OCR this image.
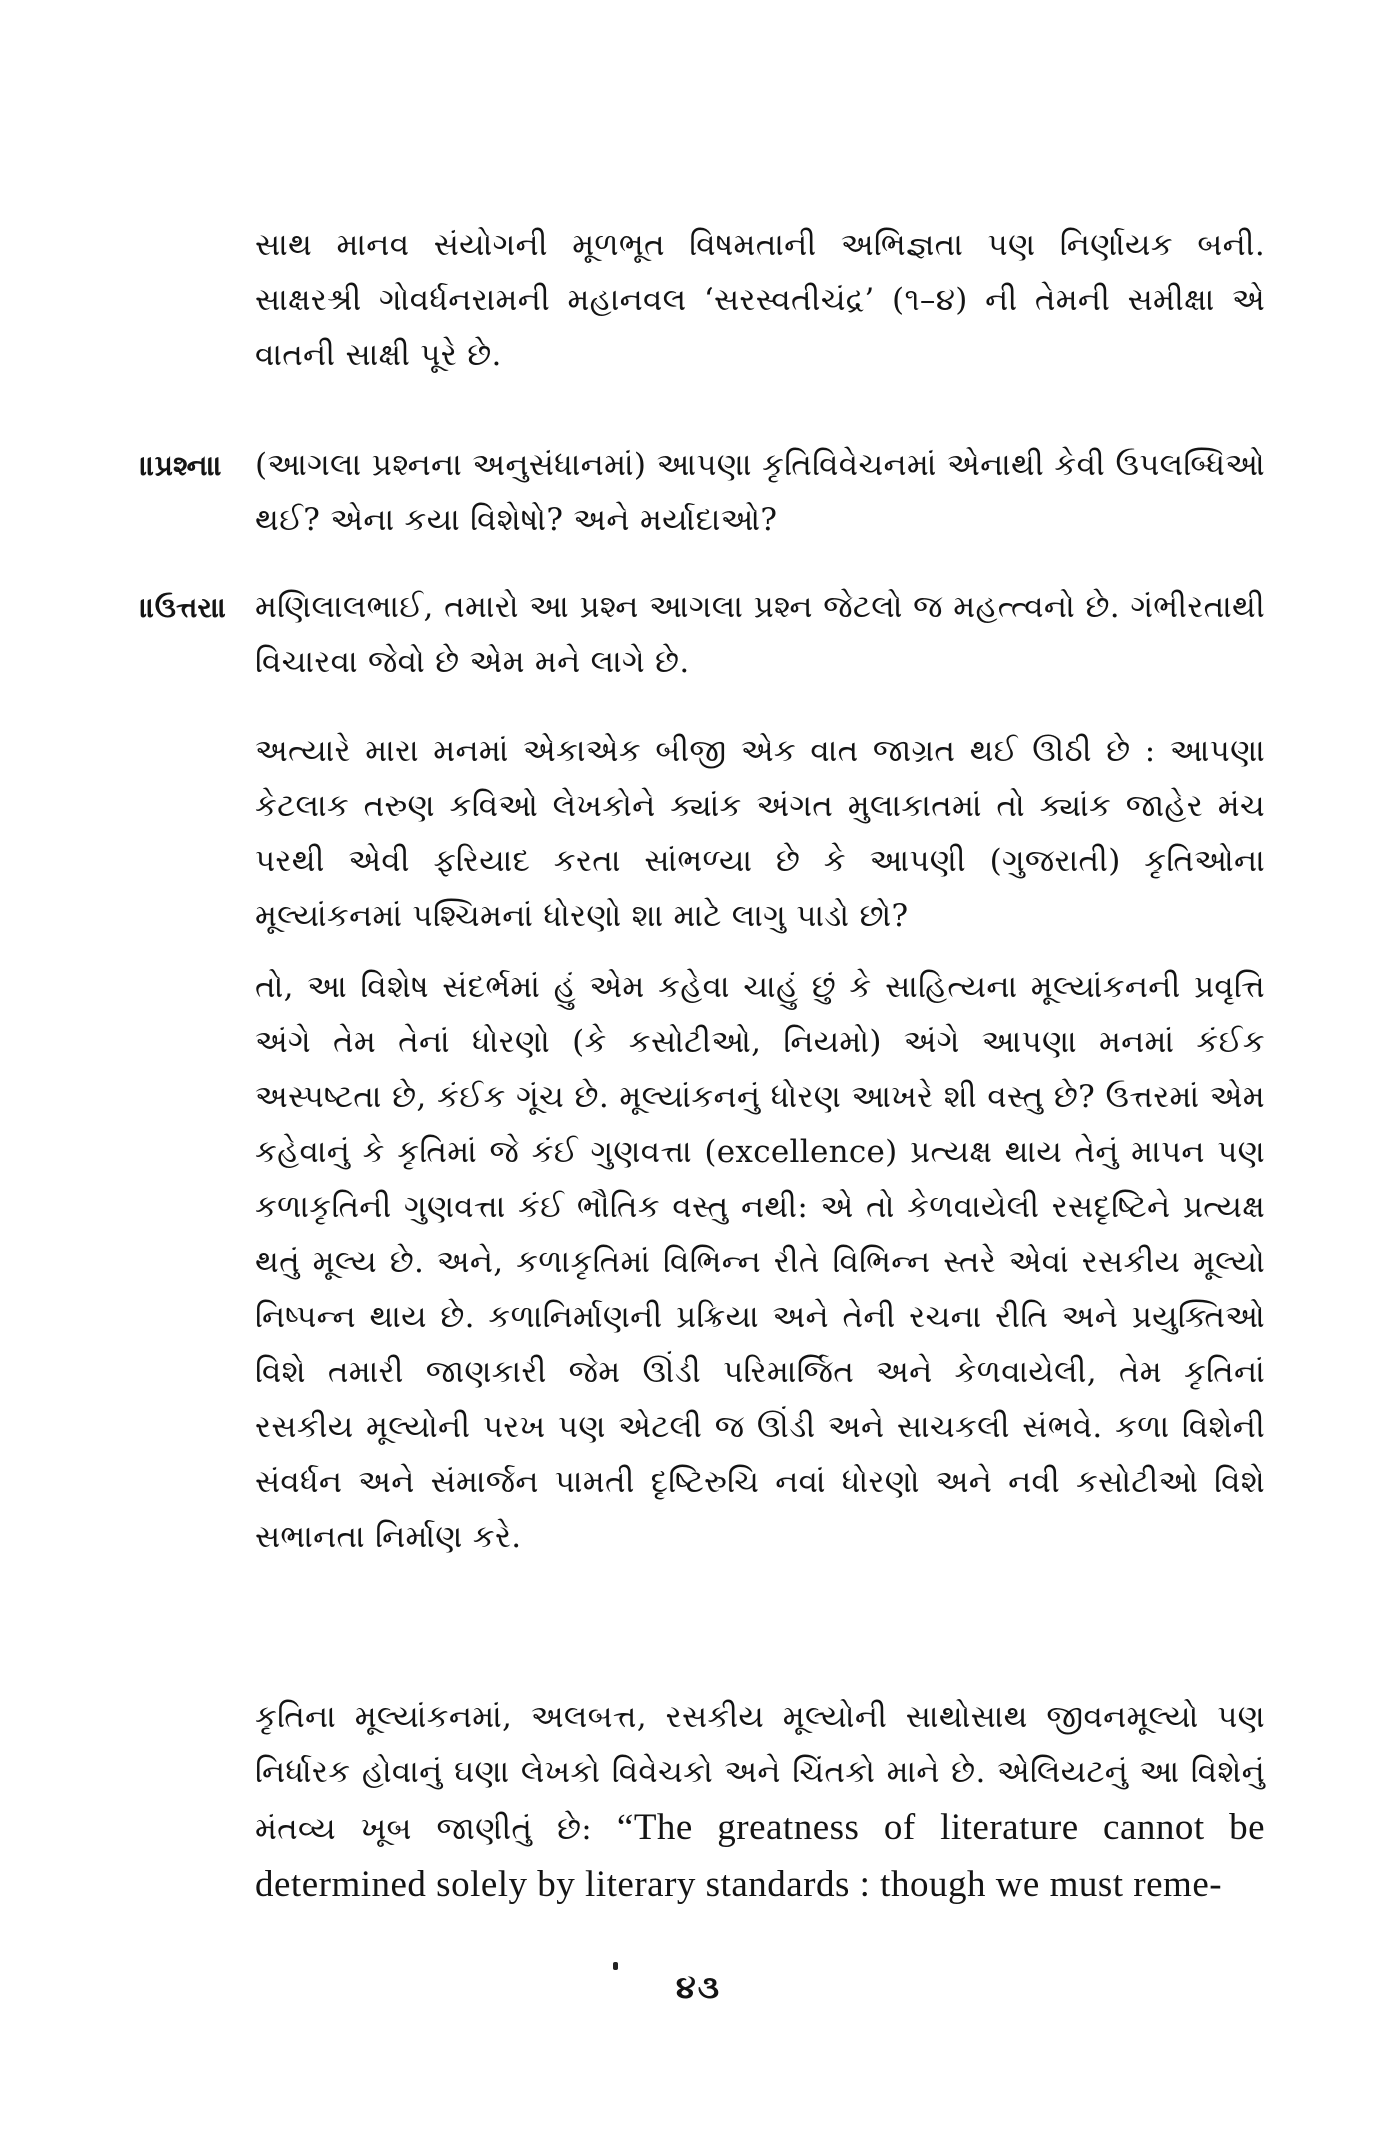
સાથ માનવ સંયોગની મૂળભૂત વિષમતાની અભિજ્ઞતા પણ નિર્ણાયક બની. સાક્ષરશ્રી ગોવર્ધનરામની મહાનવલ ‘સરસ્વતીચંદ્ર’ (૧–૪) ની તેમની સમીક્ષા એ વાતની સાક્ષી પૂરે છે.

॥પ્રશ્ન॥ (આગલા પ્રશ્નના અનુસંધાનમાં) આપણા કૃતિવિવેચનમાં એનાથી કેવી ઉપલબ્ધિઓ થઈ? એના કયા વિશેષો? અને મર્યાદાઓ?

॥ઉત્તર॥ મણિલાલભાઈ, તમારો આ પ્રશ્ન આગલા પ્રશ્ન જેટલો જ મહત્ત્વનો છે. ગંભીરતાથી વિચારવા જેવો છે એમ મને લાગે છે.

અત્યારે મારા મનમાં એકાએક બીજી એક વાત જાગ્રત થઈ ઊઠી છે : આપણા કેટલાક તરુણ કવિઓ લેખકોને ક્યાંક અંગત મુલાકાતમાં તો ક્યાંક જાહેર મંચ પરથી એવી ફરિયાદ કરતા સાંભળ્યા છે કે આપણી (ગુજરાતી) કૃતિઓના મૂલ્યાંકનમાં પશ્ચિમનાં ધોરણો શા માટે લાગુ પાડો છો?

તો, આ વિશેષ સંદર્ભમાં હું એમ કહેવા ચાહું છું કે સાહિત્યના મૂલ્યાંકનની પ્રવૃત્તિ અંગે તેમ તેનાં ધોરણો (કે કસોટીઓ, નિયમો) અંગે આપણા મનમાં કંઈક અસ્પષ્ટતા છે, કંઈક ગૂંચ છે. મૂલ્યાંકનનું ધોરણ આખરે શી વસ્તુ છે? ઉત્તરમાં એમ કહેવાનું કે કૃતિમાં જે કંઈ ગુણવત્તા (excellence) પ્રત્યક્ષ થાય તેનું માપન પણ કળાકૃતિની ગુણવત્તા કંઈ ભૌતિક વસ્તુ નથી: એ તો કેળવાયેલી રસદૃષ્ટિને પ્રત્યક્ષ થતું મૂલ્ય છે. અને, કળાકૃતિમાં વિભિન્ન રીતે વિભિન્ન સ્તરે એવાં રસકીય મૂલ્યો નિષ્પન્ન થાય છે. કળાનિર્માણની પ્રક્રિયા અને તેની રચના રીતિ અને પ્રયુક્તિઓ વિશે તમારી જાણકારી જેમ ઊંડી પરિમાર્જિત અને કેળવાયેલી, તેમ કૃતિનાં રસકીય મૂલ્યોની પરખ પણ એટલી જ ઊંડી અને સાચકલી સંભવે. કળા વિશેની સંવર્ધન અને સંમાર્જન પામતી દૃષ્ટિરુચિ નવાં ધોરણો અને નવી કસોટીઓ વિશે સભાનતા નિર્માણ કરે.

કૃતિના મૂલ્યાંકનમાં, અલબત્ત, રસકીય મૂલ્યોની સાથોસાથ જીવનમૂલ્યો પણ નિર્ધારક હોવાનું ઘણા લેખકો વિવેચકો અને ચિંતકો માને છે. એલિયટનું આ વિશેનું મંતવ્ય ખૂબ જાણીતું છે: “The greatness of literature cannot be determined solely by literary standards : though we must reme-

૪૩
